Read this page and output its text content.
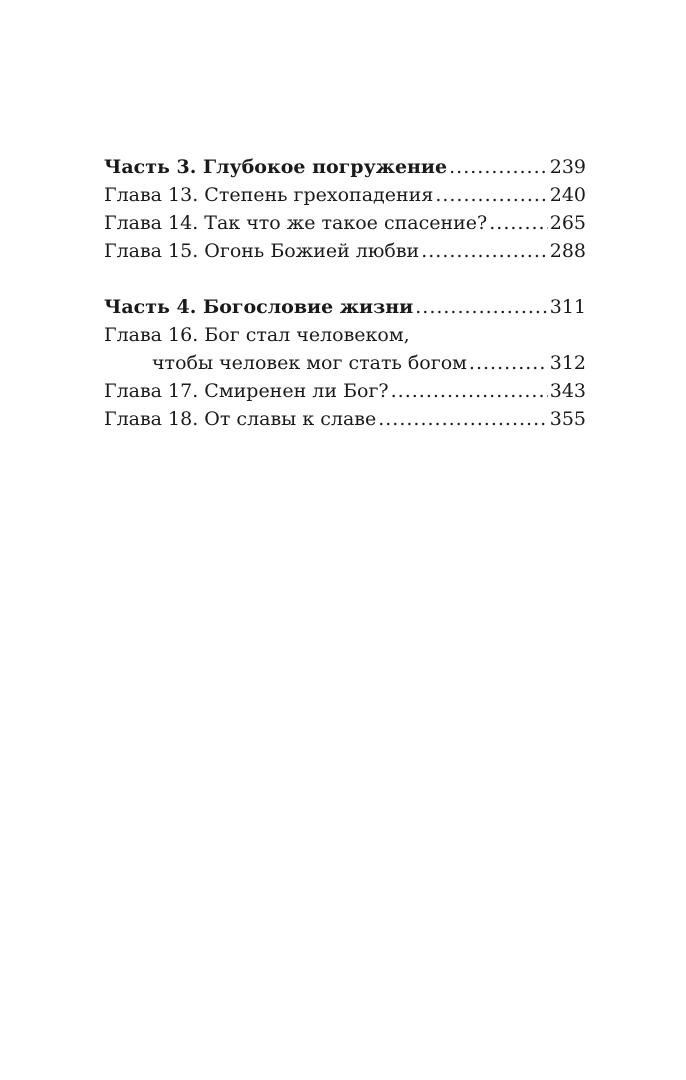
Часть 3. Глубокое погружение .....	239
Глава 13. Степень грехопадения .....	240
Глава 14. Так что же такое спасение? .....	265
Глава 15. Огонь Божией любви .....	288
Часть 4. Богословие жизни .....	311
Глава 16. Бог стал человеком,
чтобы человек мог стать богом .....	312
Глава 17. Смиренен ли Бог? .....	343
Глава 18. От славы к славе .....	355
